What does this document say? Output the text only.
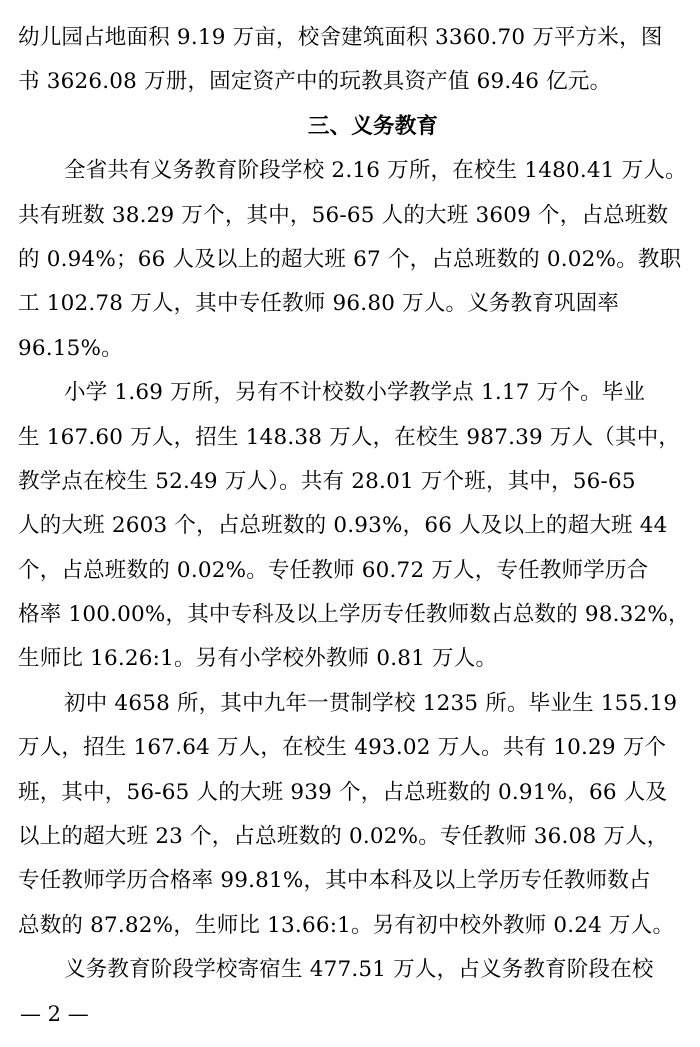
幼儿园占地面积 9.19 万亩，校舍建筑面积 3360.70 万平方米，图
书 3626.08 万册，固定资产中的玩教具资产值 69.46 亿元。
三、义务教育
全省共有义务教育阶段学校 2.16 万所，在校生 1480.41 万人。
共有班数 38.29 万个，其中，56-65 人的大班 3609 个，占总班数
的 0.94%；66 人及以上的超大班 67 个，占总班数的 0.02%。教职
工 102.78 万人，其中专任教师 96.80 万人。义务教育巩固率
96.15%。
小学 1.69 万所，另有不计校数小学教学点 1.17 万个。毕业
生 167.60 万人，招生 148.38 万人，在校生 987.39 万人（其中，
教学点在校生 52.49 万人）。共有 28.01 万个班，其中，56-65
人的大班 2603 个，占总班数的 0.93%，66 人及以上的超大班 44
个，占总班数的 0.02%。专任教师 60.72 万人，专任教师学历合
格率 100.00%，其中专科及以上学历专任教师数占总数的 98.32%，
生师比 16.26:1。另有小学校外教师 0.81 万人。
初中 4658 所，其中九年一贯制学校 1235 所。毕业生 155.19
万人，招生 167.64 万人，在校生 493.02 万人。共有 10.29 万个
班，其中，56-65 人的大班 939 个，占总班数的 0.91%，66 人及
以上的超大班 23 个，占总班数的 0.02%。专任教师 36.08 万人，
专任教师学历合格率 99.81%，其中本科及以上学历专任教师数占
总数的 87.82%，生师比 13.66:1。另有初中校外教师 0.24 万人。
义务教育阶段学校寄宿生 477.51 万人，占义务教育阶段在校
— 2 —
